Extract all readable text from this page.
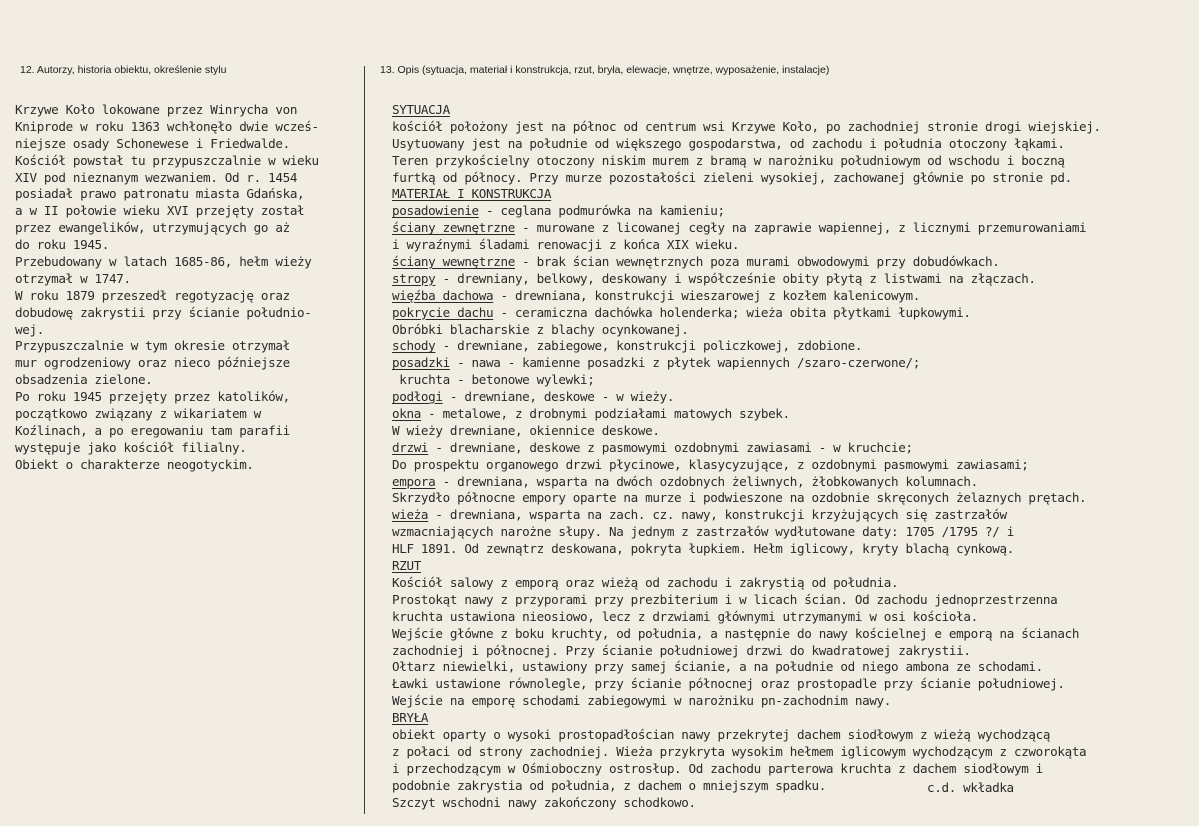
12. Autorzy, historia obiektu, określenie stylu	13. Opis (sytuacja, materiał i konstrukcja, rzut, bryła, elewacje, wnętrze, wyposażenie, instalacje)
Krzywe Koło lokowane przez Winrycha von
Kniprode w roku 1363 wchłonęło dwie wcześ-
niejsze osady Schonewese i Friedwalde.
Kościół powstał tu przypuszczalnie w wieku
XIV pod nieznanym wezwaniem. Od r. 1454
posiadał prawo patronatu miasta Gdańska,
a w II połowie wieku XVI przejęty został
przez ewangelików, utrzymujących go aż
do roku 1945.
Przebudowany w latach 1685-86, hełm wieży
otrzymał w 1747.
W roku 1879 przeszedł regotyzację oraz
dobudowę zakrystii przy ścianie południo-
wej.
Przypuszczalnie w tym okresie otrzymał
mur ogrodzeniowy oraz nieco późniejsze
obsadzenia zielone.
Po roku 1945 przejęty przez katolików,
początkowo związany z wikariatem w
Koźlinach, a po eregowaniu tam parafii
występuje jako kościół filialny.
Obiekt o charakterze neogotyckim.
SYTUACJA
kościół położony jest na północ od centrum wsi Krzywe Koło, po zachodniej stronie drogi wiejskiej.
Usytuowany jest na południe od większego gospodarstwa, od zachodu i południa otoczony łąkami.
Teren przykościelny otoczony niskim murem z bramą w narożniku południowym od wschodu i boczną
furtką od północy. Przy murze pozostałości zieleni wysokiej, zachowanej głównie po stronie pd.
MATERIAŁ I KONSTRUKCJA
posadowienie - ceglana podmurówka na kamieniu;
ściany zewnętrzne - murowane z licowanej cegły na zaprawie wapiennej, z licznymi przemurowaniami
i wyraźnymi śladami renowacji z końca XIX wieku.
ściany wewnętrzne - brak ścian wewnętrznych poza murami obwodowymi przy dobudówkach.
stropy - drewniany, belkowy, deskowany i współcześnie obity płytą z listwami na złączach.
więźba dachowa - drewniana, konstrukcji wieszarowej z kozłem kalenicowym.
pokrycie dachu - ceramiczna dachówka holenderka; wieża obita płytkami łupkowymi.
Obróbki blacharskie z blachy ocynkowanej.
schody - drewniane, zabiegowe, konstrukcji policzkowej, zdobione.
posadzki - nawa - kamienne posadzki z płytek wapiennych /szaro-czerwone/;
kruchta - betonowe wylewki;
podłogi - drewniane, deskowe - w wieży.
okna - metalowe, z drobnymi podziałami matowych szybek.
W wieży drewniane, okiennice deskowe.
drzwi - drewniane, deskowe z pasmowymi ozdobnymi zawiasami - w kruchcie;
Do prospektu organowego drzwi płycinowe, klasycyzujące, z ozdobnymi pasmowymi zawiasami;
empora - drewniana, wsparta na dwóch ozdobnych żeliwnych, żłobkowanych kolumnach.
Skrzydło północne empory oparte na murze i podwieszone na ozdobnie skręconych żelaznych prętach.
wieża - drewniana, wsparta na zach. cz. nawy, konstrukcji krzyżujących się zastrzałów
wzmacniających narożne słupy. Na jednym z zastrzałów wydłutowane daty: 1705 /1795 ?/ i
HLF 1891. Od zewnątrz deskowana, pokryta łupkiem. Hełm iglicowy, kryty blachą cynkową.
RZUT
Kościół salowy z emporą oraz wieżą od zachodu i zakrystią od południa.
Prostokąt nawy z przyporami przy prezbiterium i w licach ścian. Od zachodu jednoprzestrzenna
kruchta ustawiona nieosiowo, lecz z drzwiami głównymi utrzymanymi w osi kościoła.
Wejście główne z boku kruchty, od południa, a następnie do nawy kościelnej e emporą na ścianach
zachodniej i północnej. Przy ścianie południowej drzwi do kwadratowej zakrystii.
Ołtarz niewielki, ustawiony przy samej ścianie, a na południe od niego ambona ze schodami.
Ławki ustawione równolegle, przy ścianie północnej oraz prostopadle przy ścianie południowej.
Wejście na emporę schodami zabiegowymi w narożniku pn-zachodnim nawy.
BRYŁA
obiekt oparty o wysoki prostopadłościan nawy przekrytej dachem siodłowym z wieżą wychodzącą
z połaci od strony zachodniej. Wieża przykryta wysokim hełmem iglicowym wychodzącym z czworokąta
i przechodzącym w Ośmioboczny ostrosłup. Od zachodu parterowa kruchta z dachem siodłowym i
podobnie zakrystia od południa, z dachem o mniejszym spadku.
Szczyt wschodni nawy zakończony schodkowo.
c.d. wkładka
